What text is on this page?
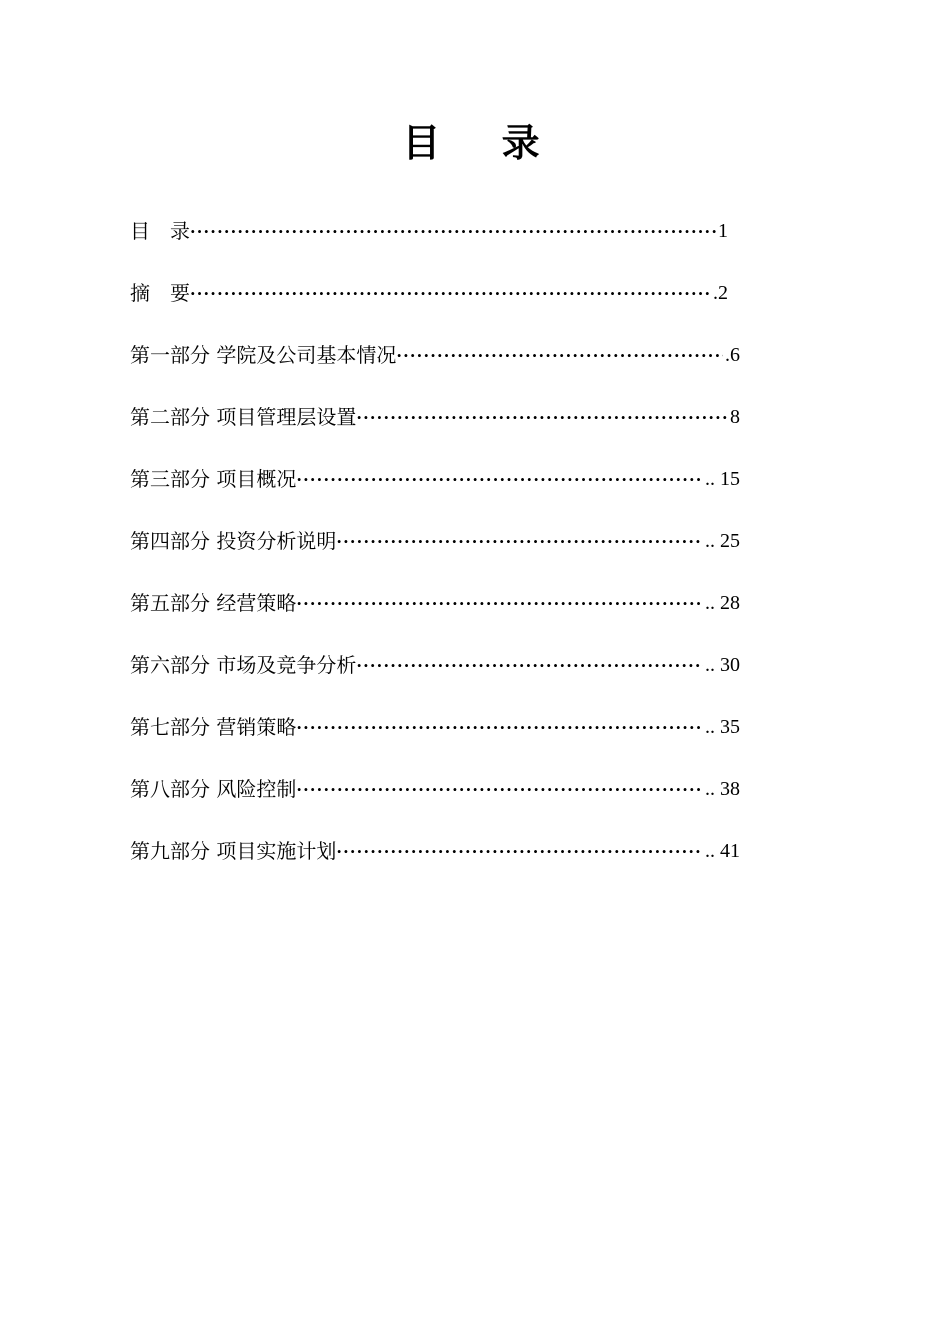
目 录
目　录 ·····	1
摘　要 ·····	.2
第一部分 学院及公司基本情况 ·····	.6
第二部分 项目管理层设置 ·····	8
第三部分 项目概况 ·····	.. 15
第四部分 投资分析说明 ·····	.. 25
第五部分 经营策略 ·····	.. 28
第六部分 市场及竞争分析 ·····	.. 30
第七部分 营销策略 ·····	.. 35
第八部分 风险控制 ·····	.. 38
第九部分 项目实施计划 ·····	.. 41
